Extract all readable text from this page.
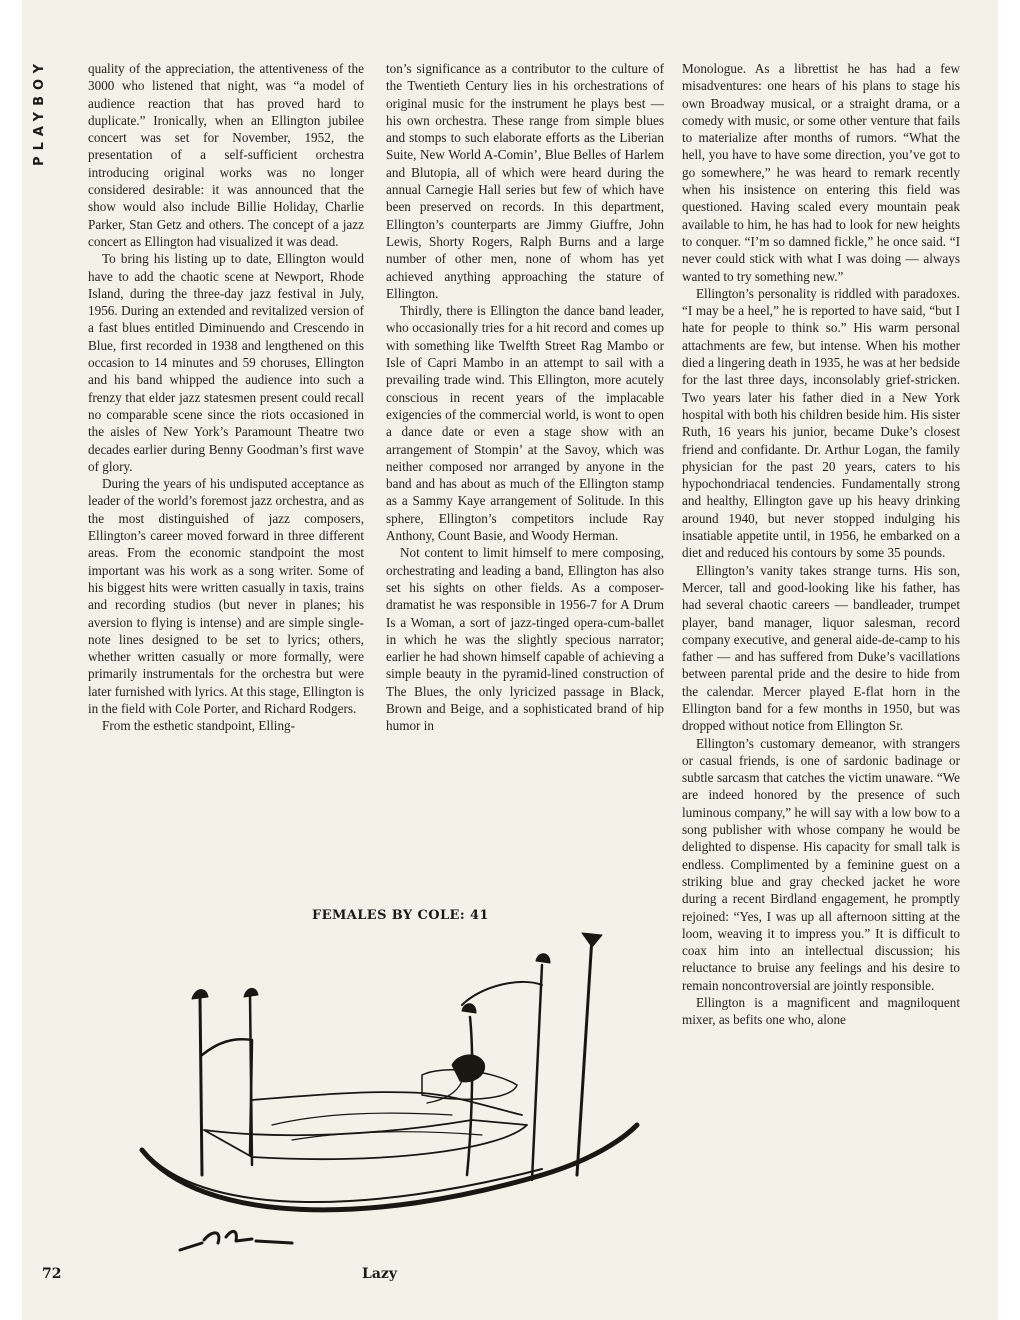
PLAYBOY	quality of the appreciation, the attentiveness of the 3000 who listened that night, was “a model of audience reaction that has proved hard to duplicate.” Ironically, when an Ellington jubilee concert was set for November, 1952, the presentation of a self-sufficient orchestra introducing original works was no longer considered desirable: it was announced that the show would also include Billie Holiday, Charlie Parker, Stan Getz and others. The concept of a jazz concert as Ellington had visualized it was dead.

To bring his listing up to date, Ellington would have to add the chaotic scene at Newport, Rhode Island, during the three-day jazz festival in July, 1956. During an extended and revitalized version of a fast blues entitled Diminuendo and Crescendo in Blue, first recorded in 1938 and lengthened on this occasion to 14 minutes and 59 choruses, Ellington and his band whipped the audience into such a frenzy that elder jazz statesmen present could recall no comparable scene since the riots occasioned in the aisles of New York’s Paramount Theatre two decades earlier during Benny Goodman’s first wave of glory.

During the years of his undisputed acceptance as leader of the world’s foremost jazz orchestra, and as the most distinguished of jazz composers, Ellington’s career moved forward in three different areas. From the economic standpoint the most important was his work as a song writer. Some of his biggest hits were written casually in taxis, trains and recording studios (but never in planes; his aversion to flying is intense) and are simple single-note lines designed to be set to lyrics; others, whether written casually or more formally, were primarily instrumentals for the orchestra but were later furnished with lyrics. At this stage, Ellington is in the field with Cole Porter, and Richard Rodgers.

From the esthetic standpoint, Elling-

ton’s significance as a contributor to the culture of the Twentieth Century lies in his orchestrations of original music for the instrument he plays best — his own orchestra. These range from simple blues and stomps to such elaborate efforts as the Liberian Suite, New World A-Comin’, Blue Belles of Harlem and Blutopia, all of which were heard during the annual Carnegie Hall series but few of which have been preserved on records. In this department, Ellington’s counterparts are Jimmy Giuffre, John Lewis, Shorty Rogers, Ralph Burns and a large number of other men, none of whom has yet achieved anything approaching the stature of Ellington.

Thirdly, there is Ellington the dance band leader, who occasionally tries for a hit record and comes up with something like Twelfth Street Rag Mambo or Isle of Capri Mambo in an attempt to sail with a prevailing trade wind. This Ellington, more acutely conscious in recent years of the implacable exigencies of the commercial world, is wont to open a dance date or even a stage show with an arrangement of Stompin’ at the Savoy, which was neither composed nor arranged by anyone in the band and has about as much of the Ellington stamp as a Sammy Kaye arrangement of Solitude. In this sphere, Ellington’s competitors include Ray Anthony, Count Basie, and Woody Herman.

Not content to limit himself to mere composing, orchestrating and leading a band, Ellington has also set his sights on other fields. As a composer-dramatist he was responsible in 1956-7 for A Drum Is a Woman, a sort of jazz-tinged opera-cum-ballet in which he was the slightly specious narrator; earlier he had shown himself capable of achieving a simple beauty in the pyramid-lined construction of The Blues, the only lyricized passage in Black, Brown and Beige, and a sophisticated brand of hip humor in

Monologue. As a librettist he has had a few misadventures: one hears of his plans to stage his own Broadway musical, or a straight drama, or a comedy with music, or some other venture that fails to materialize after months of rumors. “What the hell, you have to have some direction, you’ve got to go somewhere,” he was heard to remark recently when his insistence on entering this field was questioned. Having scaled every mountain peak available to him, he has had to look for new heights to conquer. “I’m so damned fickle,” he once said. “I never could stick with what I was doing — always wanted to try something new.”

Ellington’s personality is riddled with paradoxes. “I may be a heel,” he is reported to have said, “but I hate for people to think so.” His warm personal attachments are few, but intense. When his mother died a lingering death in 1935, he was at her bedside for the last three days, inconsolably grief-stricken. Two years later his father died in a New York hospital with both his children beside him. His sister Ruth, 16 years his junior, became Duke’s closest friend and confidante. Dr. Arthur Logan, the family physician for the past 20 years, caters to his hypochondriacal tendencies. Fundamentally strong and healthy, Ellington gave up his heavy drinking around 1940, but never stopped indulging his insatiable appetite until, in 1956, he embarked on a diet and reduced his contours by some 35 pounds.

Ellington’s vanity takes strange turns. His son, Mercer, tall and good-looking like his father, has had several chaotic careers — bandleader, trumpet player, band manager, liquor salesman, record company executive, and general aide-de-camp to his father — and has suffered from Duke’s vacillations between parental pride and the desire to hide from the calendar. Mercer played E-flat horn in the Ellington band for a few months in 1950, but was dropped without notice from Ellington Sr.

Ellington’s customary demeanor, with strangers or casual friends, is one of sardonic badinage or subtle sarcasm that catches the victim unaware. “We are indeed honored by the presence of such luminous company,” he will say with a low bow to a song publisher with whose company he would be delighted to dispense. His capacity for small talk is endless. Complimented by a feminine guest on a striking blue and gray checked jacket he wore during a recent Birdland engagement, he promptly rejoined: “Yes, I was up all afternoon sitting at the loom, weaving it to impress you.” It is difficult to coax him into an intellectual discussion; his reluctance to bruise any feelings and his desire to remain noncontroversial are jointly responsible.

Ellington is a magnificent and magniloquent mixer, as befits one who, alone

FEMALES BY COLE: 41
Lazy
72
